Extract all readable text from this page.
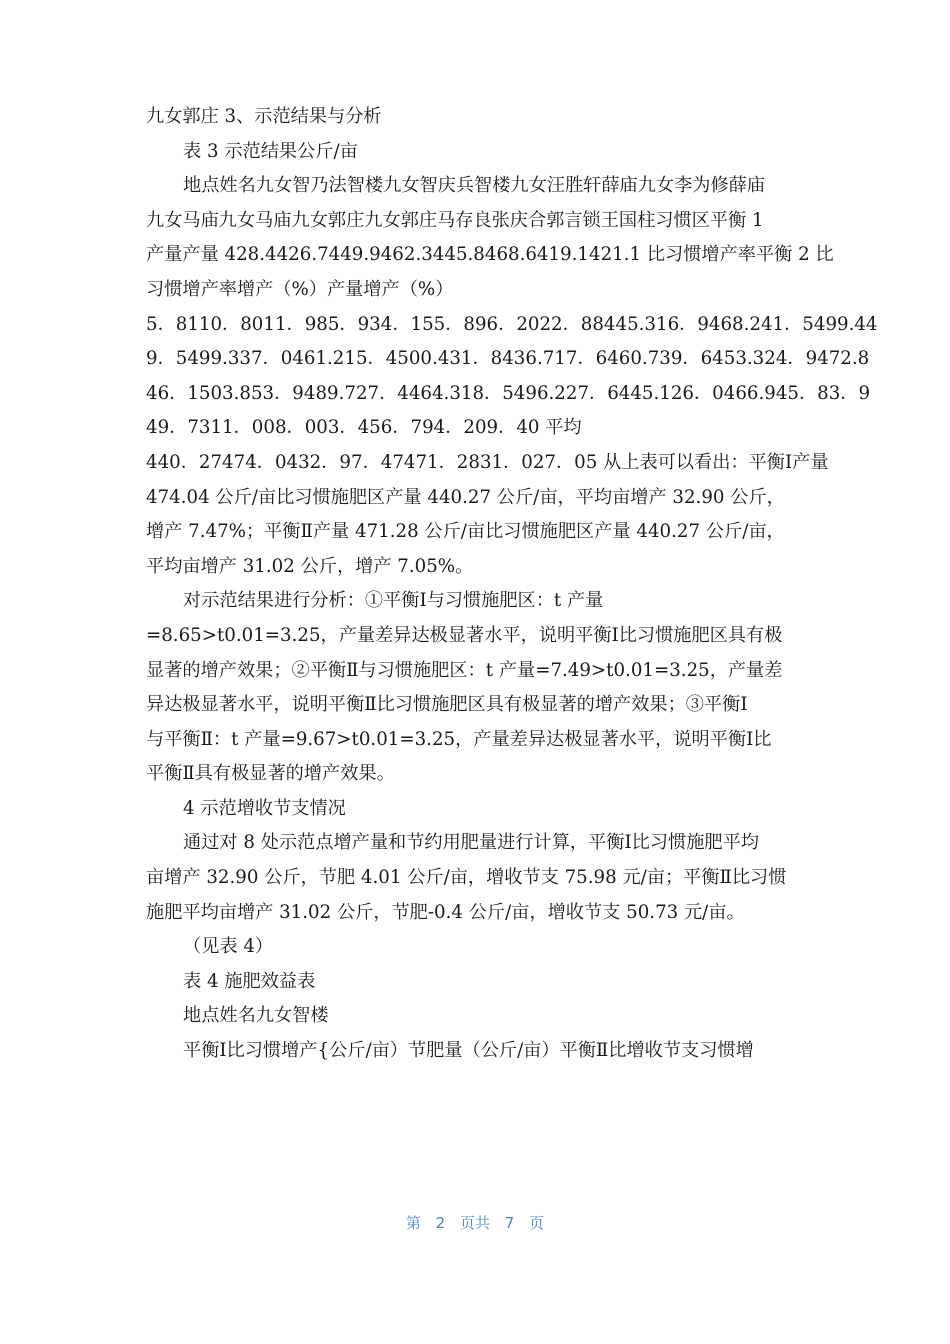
九女郭庄 3、示范结果与分析
表 3 示范结果公斤/亩
地点姓名九女智乃法智楼九女智庆兵智楼九女汪胜轩薛庙九女李为修薛庙
九女马庙九女马庙九女郭庄九女郭庄马存良张庆合郭言锁王国柱习惯区平衡 1
产量产量 428.4426.7449.9462.3445.8468.6419.1421.1 比习惯增产率平衡 2 比
习惯增产率增产（%）产量增产（%）
5．8110．8011．985．934．155．896．2022．88445.316．9468.241．5499.44
9．5499.337．0461.215．4500.431．8436.717．6460.739．6453.324．9472.8
46．1503.853．9489.727．4464.318．5496.227．6445.126．0466.945．83．9
49．7311．008．003．456．794．209．40 平均
440．27474．0432．97．47471．2831．027．05 从上表可以看出：平衡Ⅰ产量
474.04 公斤/亩比习惯施肥区产量 440.27 公斤/亩，平均亩增产 32.90 公斤，
增产 7.47%；平衡Ⅱ产量 471.28 公斤/亩比习惯施肥区产量 440.27 公斤/亩，
平均亩增产 31.02 公斤，增产 7.05%。
对示范结果进行分析：①平衡Ⅰ与习惯施肥区：t 产量
=8.65>t0.01=3.25，产量差异达极显著水平，说明平衡Ⅰ比习惯施肥区具有极
显著的增产效果；②平衡Ⅱ与习惯施肥区：t 产量=7.49>t0.01=3.25，产量差
异达极显著水平，说明平衡Ⅱ比习惯施肥区具有极显著的增产效果；③平衡Ⅰ
与平衡Ⅱ：t 产量=9.67>t0.01=3.25，产量差异达极显著水平，说明平衡Ⅰ比
平衡Ⅱ具有极显著的增产效果。
4 示范增收节支情况
通过对 8 处示范点增产量和节约用肥量进行计算，平衡Ⅰ比习惯施肥平均
亩增产 32.90 公斤，节肥 4.01 公斤/亩，增收节支 75.98 元/亩；平衡Ⅱ比习惯
施肥平均亩增产 31.02 公斤，节肥-0.4 公斤/亩，增收节支 50.73 元/亩。
（见表 4）
表 4 施肥效益表
地点姓名九女智楼
平衡Ⅰ比习惯增产{公斤/亩）节肥量（公斤/亩）平衡Ⅱ比增收节支习惯增
第 2 页共 7 页
